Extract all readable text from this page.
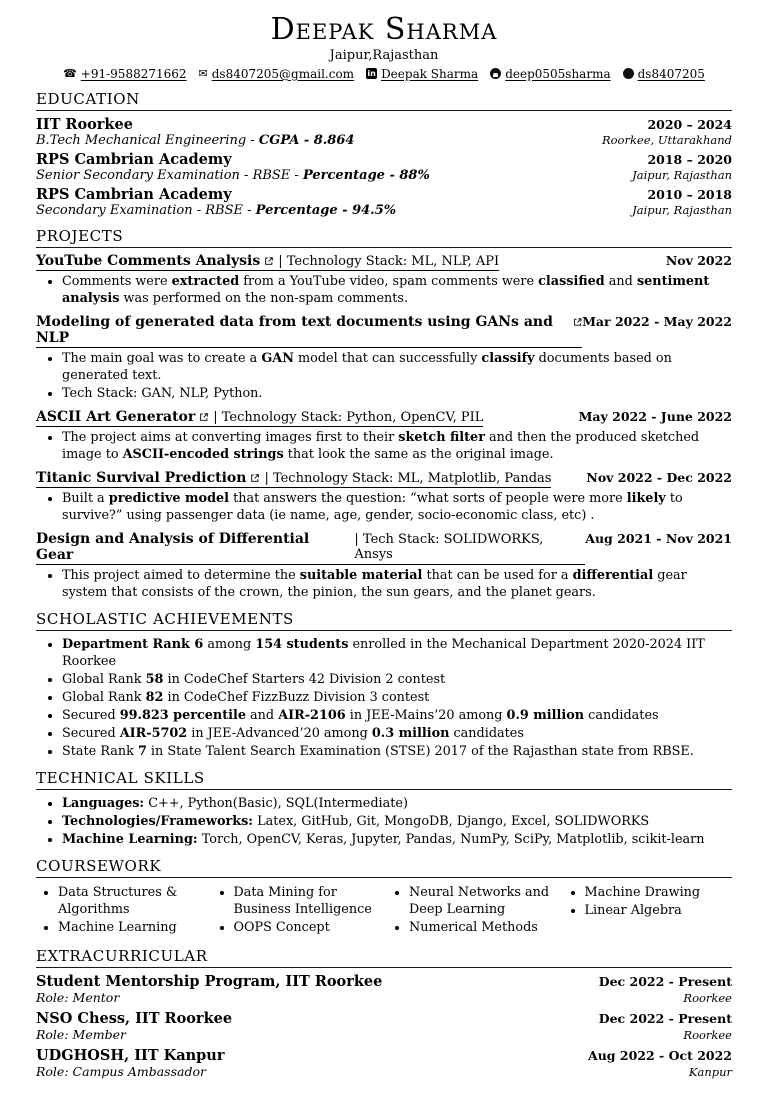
Deepak Sharma
Jaipur,Rajasthan
☎
+91-9588271662 ✉ ds8407205@gmail.com in Deepak Sharma deep0505sharma ds8407205
EDUCATION
IIT Roorkee	2020 – 2024
B.Tech Mechanical Engineering - CGPA - 8.864	Roorkee, Uttarakhand
RPS Cambrian Academy	2018 – 2020
Senior Secondary Examination - RBSE - Percentage - 88%	Jaipur, Rajasthan
RPS Cambrian Academy	2010 – 2018
Secondary Examination - RBSE - Percentage - 94.5%	Jaipur, Rajasthan
PROJECTS
YouTube Comments Analysis | Technology Stack: ML, NLP, API	Nov 2022
• Comments were extracted from a YouTube video, spam comments were classified and sentiment analysis was performed on the non-spam comments.
Modeling of generated data from text documents using GANs and NLP
Mar 2022 - May 2022
• The main goal was to create a GAN model that can successfully classify documents based on generated text.
• Tech Stack: GAN, NLP, Python.
ASCII Art Generator | Technology Stack: Python, OpenCV, PIL	May 2022 - June 2022
• The project aims at converting images first to their sketch filter and then the produced sketched image to ASCII-encoded strings that look the same as the original image.
Titanic Survival Prediction | Technology Stack: ML, Matplotlib, Pandas	Nov 2022 - Dec 2022
• Built a predictive model that answers the question: “what sorts of people were more likely to survive?” using passenger data (ie name, age, gender, socio-economic class, etc) .
Design and Analysis of Differential Gear
| Tech Stack: SOLIDWORKS, Ansys
Aug 2021 - Nov 2021
• This project aimed to determine the suitable material that can be used for a differential gear system that consists of the crown, the pinion, the sun gears, and the planet gears.
SCHOLASTIC ACHIEVEMENTS
• Department Rank 6 among 154 students enrolled in the Mechanical Department 2020-2024 IIT Roorkee
• Global Rank 58 in CodeChef Starters 42 Division 2 contest
• Global Rank 82 in CodeChef FizzBuzz Division 3 contest
• Secured 99.823 percentile and AIR-2106 in JEE-Mains’20 among 0.9 million candidates
• Secured AIR-5702 in JEE-Advanced’20 among 0.3 million candidates
• State Rank 7 in State Talent Search Examination (STSE) 2017 of the Rajasthan state from RBSE.
TECHNICAL SKILLS
• Languages: C++, Python(Basic), SQL(Intermediate)
• Technologies/Frameworks: Latex, GitHub, Git, MongoDB, Django, Excel, SOLIDWORKS
• Machine Learning: Torch, OpenCV, Keras, Jupyter, Pandas, NumPy, SciPy, Matplotlib, scikit-learn
COURSEWORK
• Data Structures & Algorithms
• Machine Learning
• Data Mining for Business Intelligence
• OOPS Concept
• Neural Networks and Deep Learning
• Numerical Methods
• Machine Drawing
• Linear Algebra
EXTRACURRICULAR
Student Mentorship Program, IIT Roorkee	Dec 2022 - Present
Role: Mentor	Roorkee
NSO Chess, IIT Roorkee	Dec 2022 - Present
Role: Member	Roorkee
UDGHOSH, IIT Kanpur	Aug 2022 - Oct 2022
Role: Campus Ambassador	Kanpur
